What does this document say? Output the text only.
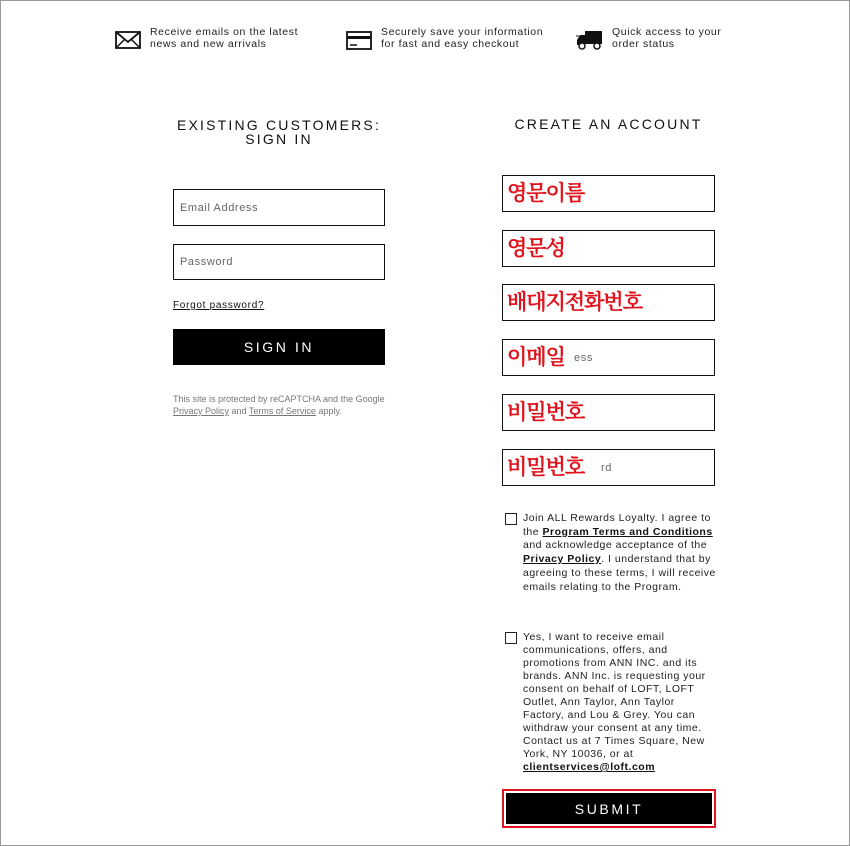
Receive emails on the latest
news and new arrivals
Securely save your information
for fast and easy checkout
Quick access to your
order status
EXISTING CUSTOMERS:
SIGN IN
Email Address
Forgot password?
SIGN IN
This site is protected by reCAPTCHA and the Google Privacy Policy and Terms of Service apply.
CREATE AN ACCOUNT
영문이름
영문성
배대지전화번호
ess
이메일
비밀번호
rd
비밀번호
Join ALL Rewards Loyalty. I agree to the Program Terms and Conditions and acknowledge acceptance of the Privacy Policy. I understand that by agreeing to these terms, I will receive emails relating to the Program.
Yes, I want to receive email communications, offers, and promotions from ANN INC. and its brands. ANN Inc. is requesting your consent on behalf of LOFT, LOFT Outlet, Ann Taylor, Ann Taylor Factory, and Lou & Grey. You can withdraw your consent at any time. Contact us at 7 Times Square, New York, NY 10036, or at clientservices@loft.com
SUBMIT
